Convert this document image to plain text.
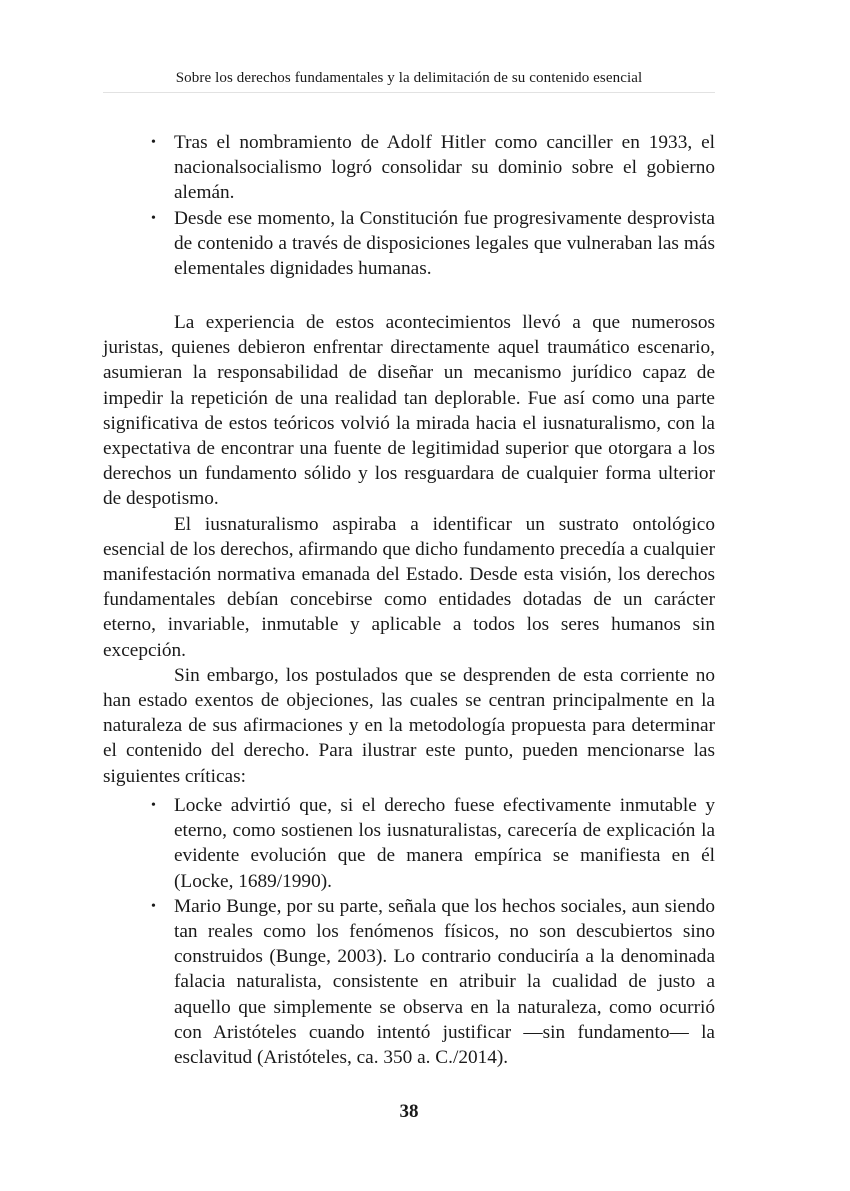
Sobre los derechos fundamentales y la delimitación de su contenido esencial
• Tras el nombramiento de Adolf Hitler como canciller en 1933, el nacionalsocialismo logró consolidar su dominio sobre el gobierno alemán.
• Desde ese momento, la Constitución fue progresivamente desprovista de contenido a través de disposiciones legales que vulneraban las más elementales dignidades humanas.

La experiencia de estos acontecimientos llevó a que numerosos juristas, quienes debieron enfrentar directamente aquel traumático escenario, asumieran la responsabilidad de diseñar un mecanismo jurídico capaz de impedir la repetición de una realidad tan deplorable. Fue así como una parte significativa de estos teóricos volvió la mirada hacia el iusnaturalismo, con la expectativa de encontrar una fuente de legitimidad superior que otorgara a los derechos un fundamento sólido y los resguardara de cualquier forma ulterior de despotismo.

El iusnaturalismo aspiraba a identificar un sustrato ontológico esencial de los derechos, afirmando que dicho fundamento precedía a cualquier manifestación normativa emanada del Estado. Desde esta visión, los derechos fundamentales debían concebirse como entidades dotadas de un carácter eterno, invariable, inmutable y aplicable a todos los seres humanos sin excepción.

Sin embargo, los postulados que se desprenden de esta corriente no han estado exentos de objeciones, las cuales se centran principalmente en la naturaleza de sus afirmaciones y en la metodología propuesta para determinar el contenido del derecho. Para ilustrar este punto, pueden mencionarse las siguientes críticas:

• Locke advirtió que, si el derecho fuese efectivamente inmutable y eterno, como sostienen los iusnaturalistas, carecería de explicación la evidente evolución que de manera empírica se manifiesta en él (Locke, 1689/1990).
• Mario Bunge, por su parte, señala que los hechos sociales, aun siendo tan reales como los fenómenos físicos, no son descubiertos sino construidos (Bunge, 2003). Lo contrario conduciría a la denominada falacia naturalista, consistente en atribuir la cualidad de justo a aquello que simplemente se observa en la naturaleza, como ocurrió con Aristóteles cuando intentó justificar —sin fundamento— la esclavitud (Aristóteles, ca. 350 a. C./2014).
38
